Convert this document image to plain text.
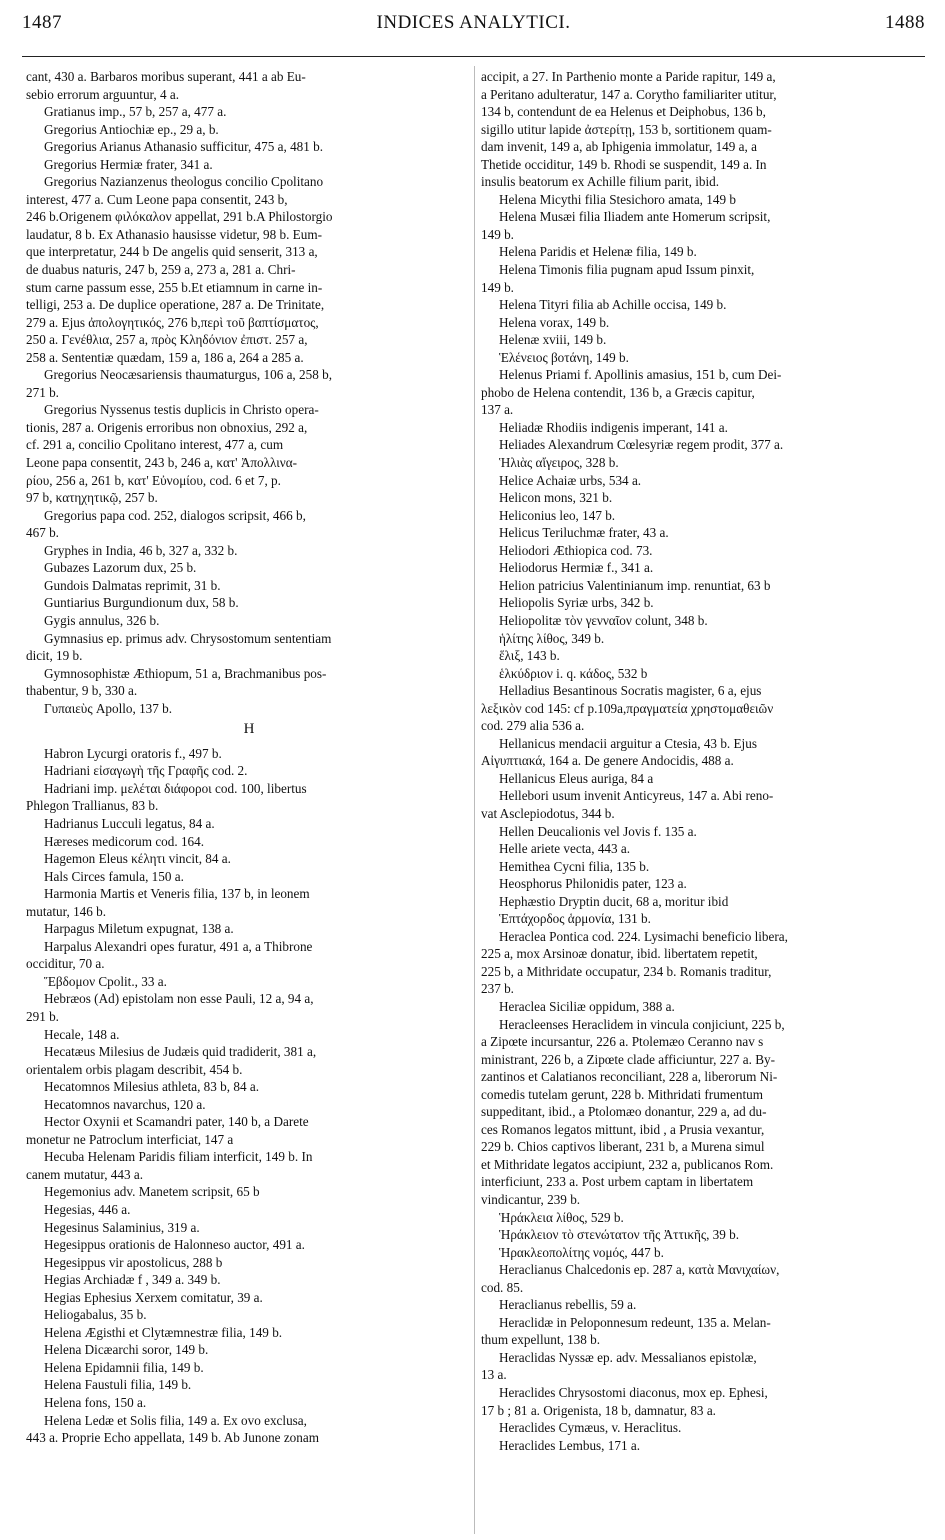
1487	INDICES ANALYTICI.	1488
cant, 430 a. Barbaros moribus superant, 441 a ab Eu-
sebio errorum arguuntur, 4 a.
Gratianus imp., 57 b, 257 a, 477 a.
Gregorius Antiochiæ ep., 29 a, b.
Gregorius Arianus Athanasio sufficitur, 475 a, 481 b.
Gregorius Hermiæ frater, 341 a.
Gregorius Nazianzenus theologus concilio Cpolitano
interest, 477 a. Cum Leone papa consentit, 243 b,
246 b.Origenem φιλόκαλον appellat, 291 b.A Philostorgio
laudatur, 8 b. Ex Athanasio hausisse videtur, 98 b. Eum-
que interpretatur, 244 b De angelis quid senserit, 313 a,
de duabus naturis, 247 b, 259 a, 273 a, 281 a. Chri-
stum carne passum esse, 255 b.Et etiamnum in carne in-
telligi, 253 a. De duplice operatione, 287 a. De Trinitate,
279 a. Ejus ἀπολογητικός, 276 b,περὶ τοῦ βαπτίσματος,
250 a. Γενέθλια, 257 a, πρὸς Κληδόνιον ἐπιστ. 257 a,
258 a. Sententiæ quædam, 159 a, 186 a, 264 a 285 a.
Gregorius Neocæsariensis thaumaturgus, 106 a, 258 b,
271 b.
Gregorius Nyssenus testis duplicis in Christo opera-
tionis, 287 a. Origenis erroribus non obnoxius, 292 a,
cf. 291 a, concilio Cpolitano interest, 477 a, cum
Leone papa consentit, 243 b, 246 a, κατ' Ἀπολλινα-
ρίου, 256 a, 261 b, κατ' Εὐνομίου, cod. 6 et 7, p.
97 b, κατηχητικῷ, 257 b.
Gregorius papa cod. 252, dialogos scripsit, 466 b,
467 b.
Gryphes in India, 46 b, 327 a, 332 b.
Gubazes Lazorum dux, 25 b.
Gundois Dalmatas reprimit, 31 b.
Guntiarius Burgundionum dux, 58 b.
Gygis annulus, 326 b.
Gymnasius ep. primus adv. Chrysostomum sententiam
dicit, 19 b.
Gymnosophistæ Æthiopum, 51 a, Brachmanibus pos-
thabentur, 9 b, 330 a.
Γυπαιεὺς Apollo, 137 b.
H
Habron Lycurgi oratoris f., 497 b.
Hadriani εἰσαγωγὴ τῆς Γραφῆς cod. 2.
Hadriani imp. μελέται διάφοροι cod. 100, libertus
Phlegon Trallianus, 83 b.
Hadrianus Lucculi legatus, 84 a.
Hæreses medicorum cod. 164.
Hagemon Eleus κέλητι vincit, 84 a.
Hals Circes famula, 150 a.
Harmonia Martis et Veneris filia, 137 b, in leonem
mutatur, 146 b.
Harpagus Miletum expugnat, 138 a.
Harpalus Alexandri opes furatur, 491 a, a Thibrone
occiditur, 70 a.
Ἕβδομον Cpolit., 33 a.
Hebræos (Ad) epistolam non esse Pauli, 12 a, 94 a,
291 b.
Hecale, 148 a.
Hecatæus Milesius de Judæis quid tradiderit, 381 a,
orientalem orbis plagam describit, 454 b.
Hecatomnos Milesius athleta, 83 b, 84 a.
Hecatomnos navarchus, 120 a.
Hector Oxynii et Scamandri pater, 140 b, a Darete
monetur ne Patroclum interficiat, 147 a
Hecuba Helenam Paridis filiam interficit, 149 b. In
canem mutatur, 443 a.
Hegemonius adv. Manetem scripsit, 65 b
Hegesias, 446 a.
Hegesinus Salaminius, 319 a.
Hegesippus orationis de Halonneso auctor, 491 a.
Hegesippus vir apostolicus, 288 b
Hegias Archiadæ f , 349 a. 349 b.
Hegias Ephesius Xerxem comitatur, 39 a.
Heliogabalus, 35 b.
Helena Ægisthi et Clytæmnestræ filia, 149 b.
Helena Dicæarchi soror, 149 b.
Helena Epidamnii filia, 149 b.
Helena Faustuli filia, 149 b.
Helena fons, 150 a.
Helena Ledæ et Solis filia, 149 a. Ex ovo exclusa,
443 a. Proprie Echo appellata, 149 b. Ab Junone zonam
accipit, a 27. In Parthenio monte a Paride rapitur, 149 a,
a Peritano adulteratur, 147 a. Corytho familiariter utitur,
134 b, contendunt de ea Helenus et Deiphobus, 136 b,
sigillo utitur lapide ἀστερίτῃ, 153 b, sortitionem quam-
dam invenit, 149 a, ab Iphigenia immolatur, 149 a, a
Thetide occiditur, 149 b. Rhodi se suspendit, 149 a. In
insulis beatorum ex Achille filium parit, ibid.
Helena Micythi filia Stesichoro amata, 149 b
Helena Musæi filia Iliadem ante Homerum scripsit,
149 b.
Helena Paridis et Helenæ filia, 149 b.
Helena Timonis filia pugnam apud Issum pinxit,
149 b.
Helena Tityri filia ab Achille occisa, 149 b.
Helena vorax, 149 b.
Helenæ xviii, 149 b.
Ἑλένειος βοτάνη, 149 b.
Helenus Priami f. Apollinis amasius, 151 b, cum Dei-
phobo de Helena contendit, 136 b, a Græcis capitur,
137 a.
Heliadæ Rhodiis indigenis imperant, 141 a.
Heliades Alexandrum Cœlesyriæ regem prodit, 377 a.
Ἡλιὰς αἴγειρος, 328 b.
Helice Achaiæ urbs, 534 a.
Helicon mons, 321 b.
Heliconius leo, 147 b.
Helicus Teriluchmæ frater, 43 a.
Heliodori Æthiopica cod. 73.
Heliodorus Hermiæ f., 341 a.
Helion patricius Valentinianum imp. renuntiat, 63 b
Heliopolis Syriæ urbs, 342 b.
Heliopolitæ τὸν γενναῖον colunt, 348 b.
ἡλίτης λίθος, 349 b.
ἕλιξ, 143 b.
ἑλκύδριον i. q. κάδος, 532 b
Helladius Besantinous Socratis magister, 6 a, ejus
λεξικὸν cod 145: cf p.109a,πραγματεία χρηστομαθειῶν
cod. 279 alia 536 a.
Hellanicus mendacii arguitur a Ctesia, 43 b. Ejus
Αἰγυπτιακά, 164 a. De genere Andocidis, 488 a.
Hellanicus Eleus auriga, 84 a
Hellebori usum invenit Anticyreus, 147 a. Abi reno-
vat Asclepiodotus, 344 b.
Hellen Deucalionis vel Jovis f. 135 a.
Helle ariete vecta, 443 a.
Hemithea Cycni filia, 135 b.
Heosphorus Philonidis pater, 123 a.
Hephæstio Dryptin ducit, 68 a, moritur ibid
Ἑπτάχορδος ἁρμονία, 131 b.
Heraclea Pontica cod. 224. Lysimachi beneficio libera,
225 a, mox Arsinoæ donatur, ibid. libertatem repetit,
225 b, a Mithridate occupatur, 234 b. Romanis traditur,
237 b.
Heraclea Siciliæ oppidum, 388 a.
Heracleenses Heraclidem in vincula conjiciunt, 225 b,
a Zipœte incursantur, 226 a. Ptolemæo Ceranno nav s
ministrant, 226 b, a Zipœte clade afficiuntur, 227 a. By-
zantinos et Calatianos reconciliant, 228 a, liberorum Ni-
comedis tutelam gerunt, 228 b. Mithridati frumentum
suppeditant, ibid., a Ptolomæo donantur, 229 a, ad du-
ces Romanos legatos mittunt, ibid , a Prusia vexantur,
229 b. Chios captivos liberant, 231 b, a Murena simul
et Mithridate legatos accipiunt, 232 a, publicanos Rom.
interficiunt, 233 a. Post urbem captam in libertatem
vindicantur, 239 b.
Ἡράκλεια λίθος, 529 b.
Ἡράκλειον τὸ στενώτατον τῆς Ἀττικῆς, 39 b.
Ἡρακλεοπολίτης νομός, 447 b.
Heraclianus Chalcedonis ep. 287 a, κατὰ Μανιχαίων,
cod. 85.
Heraclianus rebellis, 59 a.
Heraclidæ in Peloponnesum redeunt, 135 a. Melan-
thum expellunt, 138 b.
Heraclidas Nyssæ ep. adv. Messalianos epistolæ,
13 a.
Heraclides Chrysostomi diaconus, mox ep. Ephesi,
17 b ; 81 a. Origenista, 18 b, damnatur, 83 a.
Heraclides Cymæus, v. Heraclitus.
Heraclides Lembus, 171 a.
